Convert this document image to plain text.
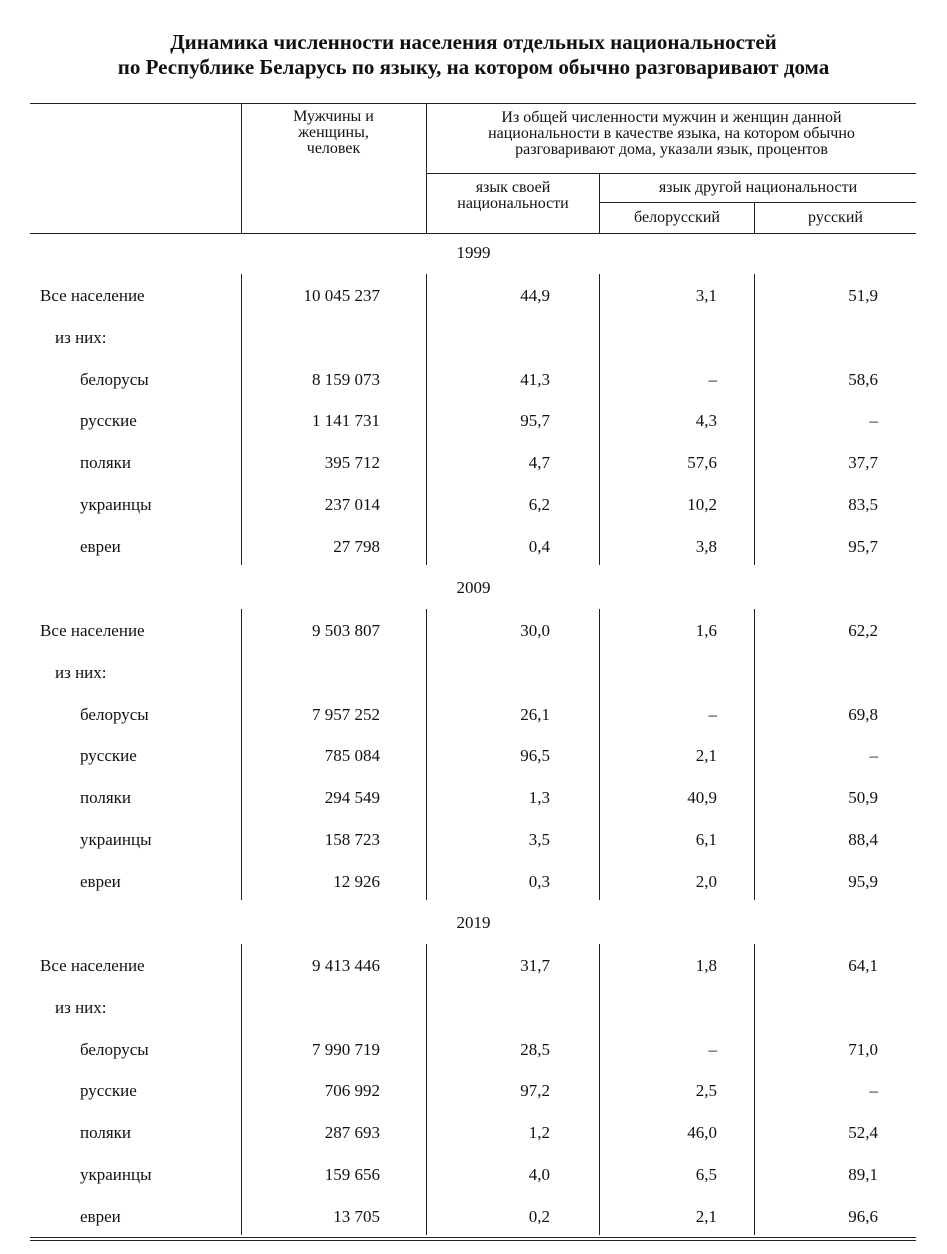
Динамика численности населения отдельных национальностей
по Республике Беларусь по языку, на котором обычно разговаривают дома
Мужчины и
женщины,
человек
Из общей численности мужчин и женщин данной
национальности в качестве языка, на котором обычно
разговаривают дома, указали язык, процентов
язык своей
национальности
язык другой национальности
белорусский	русский
1999
Все население	10 045 237	44,9	3,1	51,9
из них:
белорусы	8 159 073	41,3	–	58,6
русские	1 141 731	95,7	4,3	–
поляки	395 712	4,7	57,6	37,7
украинцы	237 014	6,2	10,2	83,5
евреи	27 798	0,4	3,8	95,7
2009
Все население	9 503 807	30,0	1,6	62,2
из них:
белорусы	7 957 252	26,1	–	69,8
русские	785 084	96,5	2,1	–
поляки	294 549	1,3	40,9	50,9
украинцы	158 723	3,5	6,1	88,4
евреи	12 926	0,3	2,0	95,9
2019
Все население	9 413 446	31,7	1,8	64,1
из них:
белорусы	7 990 719	28,5	–	71,0
русские	706 992	97,2	2,5	–
поляки	287 693	1,2	46,0	52,4
украинцы	159 656	4,0	6,5	89,1
евреи	13 705	0,2	2,1	96,6
